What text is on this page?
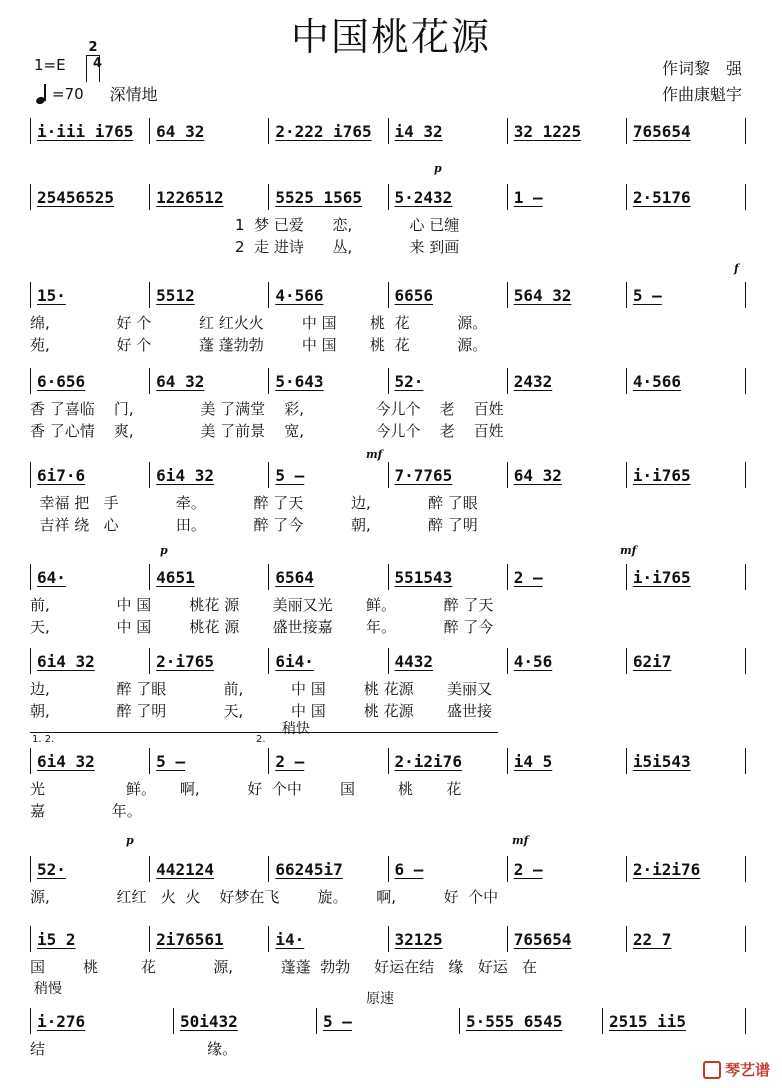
中国桃花源
1=E
2
4
=70 深情地
作词黎　强
作曲康魁宇
i·iii i765 64 32	2·222 i765 i4 32	32 1225	765654
25456525	1226512	5525 1565 5·2432	1 —	2·5176
1  梦 已爱      恋,            心 已缠
2  走 进诗      丛,            来 到画
15·	5512	4·566	6656	564 32	5 —
绵,              好 个          红 红火火        中 国       桃  花          源。
苑,              好 个          蓬 蓬勃勃        中 国       桃  花          源。
6·656	64 32	5·643	52·	2432	4·566
香 了喜临    门,              美 了满堂    彩,               今儿个    老    百姓
香 了心情    爽,              美 了前景    宽,               今儿个    老    百姓
6i7·6	6i4 32	5 —	7·7765	64 32	i·i765
幸福 把   手            牵。          醉 了天          边,            醉 了眼
吉祥 绕   心            田。          醉 了今          朝,            醉 了明
64·	4651	6564	551543	2 —	i·i765
前,              中 国        桃花 源       美丽又光       鲜。          醉 了天
天,              中 国        桃花 源       盛世接嘉       年。          醉 了今
6i4 32	2·i765	6i4·	4432	4·56	62i7
边,              醉 了眼            前,          中 国        桃 花源       美丽又
朝,              醉 了明            天,          中 国        桃 花源       盛世接
6i4 32	5 —	2 —	2·i2i76	i4 5	i5i543
光                 鲜。     啊,          好  个中        国         桃       花
嘉              年。
52·	442124	66245i7	6 —	2 —	2·i2i76
源,              红红   火  火    好梦在飞        旋。      啊,          好  个中
i5 2	2i76561	i4·	32125	765654	22 7
国        桃         花            源,          蓬蓬  勃勃     好运在结   缘   好运   在
i·276	50i432	5 —	5·555 6545	2515 ii5
结                                  缘。
p
f
mf
p	mf
p	mf
稍快
稍慢
原速
1. 2.	2.
琴艺谱
